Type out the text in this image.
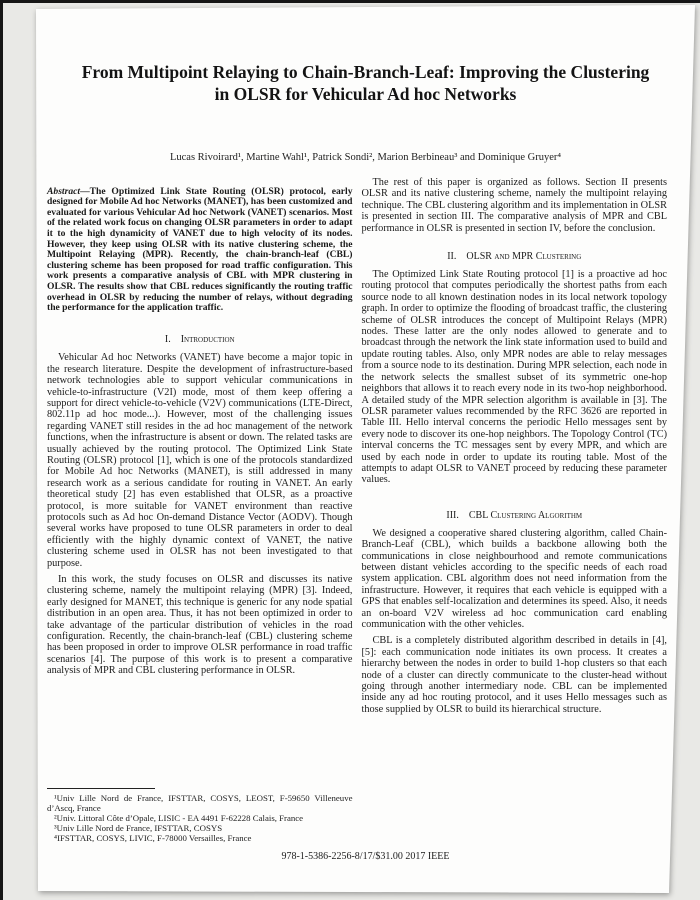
From Multipoint Relaying to Chain-Branch-Leaf: Improving the Clustering in OLSR for Vehicular Ad hoc Networks
Lucas Rivoirard¹, Martine Wahl¹, Patrick Sondi², Marion Berbineau³ and Dominique Gruyer⁴

Abstract—The Optimized Link State Routing (OLSR) protocol, early designed for Mobile Ad hoc Networks (MANET), has been customized and evaluated for various Vehicular Ad hoc Network (VANET) scenarios. Most of the related work focus on changing OLSR parameters in order to adapt it to the high dynamicity of VANET due to high velocity of its nodes. However, they keep using OLSR with its native clustering scheme, the Multipoint Relaying (MPR). Recently, the chain-branch-leaf (CBL) clustering scheme has been proposed for road traffic configuration. This work presents a comparative analysis of CBL with MPR clustering in OLSR. The results show that CBL reduces significantly the routing traffic overhead in OLSR by reducing the number of relays, without degrading the performance for the application traffic.

I. Introduction

Vehicular Ad hoc Networks (VANET) have become a major topic in the research literature. Despite the development of infrastructure-based network technologies able to support vehicular communications in vehicle-to-infrastructure (V2I) mode, most of them keep offering a support for direct vehicle-to-vehicle (V2V) communications (LTE-Direct, 802.11p ad hoc mode...). However, most of the challenging issues regarding VANET still resides in the ad hoc management of the network functions, when the infrastructure is absent or down. The related tasks are usually achieved by the routing protocol. The Optimized Link State Routing (OLSR) protocol [1], which is one of the protocols standardized for Mobile Ad hoc Networks (MANET), is still addressed in many research work as a serious candidate for routing in VANET. An early theoretical study [2] has even established that OLSR, as a proactive protocol, is more suitable for VANET environment than reactive protocols such as Ad hoc On-demand Distance Vector (AODV). Though several works have proposed to tune OLSR parameters in order to deal efficiently with the highly dynamic context of VANET, the native clustering scheme used in OLSR has not been investigated to that purpose.

In this work, the study focuses on OLSR and discusses its native clustering scheme, namely the multipoint relaying (MPR) [3]. Indeed, early designed for MANET, this technique is generic for any node spatial distribution in an open area. Thus, it has not been optimized in order to take advantage of the particular distribution of vehicles in the road configuration. Recently, the chain-branch-leaf (CBL) clustering scheme has been proposed in order to improve OLSR performance in road traffic scenarios [4]. The purpose of this work is to present a comparative analysis of MPR and CBL clustering performance in OLSR.

¹Univ Lille Nord de France, IFSTTAR, COSYS, LEOST, F-59650 Villeneuve d’Ascq, France

²Univ. Littoral Côte d’Opale, LISIC - EA 4491 F-62228 Calais, France

³Univ Lille Nord de France, IFSTTAR, COSYS

⁴IFSTTAR, COSYS, LIVIC, F-78000 Versailles, France

The rest of this paper is organized as follows. Section II presents OLSR and its native clustering scheme, namely the multipoint relaying technique. The CBL clustering algorithm and its implementation in OLSR is presented in section III. The comparative analysis of MPR and CBL performance in OLSR is presented in section IV, before the conclusion.

II. OLSR and MPR Clustering

The Optimized Link State Routing protocol [1] is a proactive ad hoc routing protocol that computes periodically the shortest paths from each source node to all known destination nodes in its local network topology graph. In order to optimize the flooding of broadcast traffic, the clustering scheme of OLSR introduces the concept of Multipoint Relays (MPR) nodes. These latter are the only nodes allowed to generate and to broadcast through the network the link state information used to build and update routing tables. Also, only MPR nodes are able to relay messages from a source node to its destination. During MPR selection, each node in the network selects the smallest subset of its symmetric one-hop neighbors that allows it to reach every node in its two-hop neighborhood. A detailed study of the MPR selection algorithm is available in [3]. The OLSR parameter values recommended by the RFC 3626 are reported in Table III. Hello interval concerns the periodic Hello messages sent by every node to discover its one-hop neighbors. The Topology Control (TC) interval concerns the TC messages sent by every MPR, and which are used by each node in order to update its routing table. Most of the attempts to adapt OLSR to VANET proceed by reducing these parameter values.

III. CBL Clustering Algorithm

We designed a cooperative shared clustering algorithm, called Chain-Branch-Leaf (CBL), which builds a backbone allowing both the communications in close neighbourhood and remote communications between distant vehicles according to the specific needs of each road system application. CBL algorithm does not need information from the infrastructure. However, it requires that each vehicle is equipped with a GPS that enables self-localization and determines its speed. Also, it needs an on-board V2V wireless ad hoc communication card enabling communication with the other vehicles.

CBL is a completely distributed algorithm described in details in [4], [5]: each communication node initiates its own process. It creates a hierarchy between the nodes in order to build 1-hop clusters so that each node of a cluster can directly communicate to the cluster-head without going through another intermediary node. CBL can be implemented inside any ad hoc routing protocol, and it uses Hello messages such as those supplied by OLSR to build its hierarchical structure.

978-1-5386-2256-8/17/$31.00 2017 IEEE
